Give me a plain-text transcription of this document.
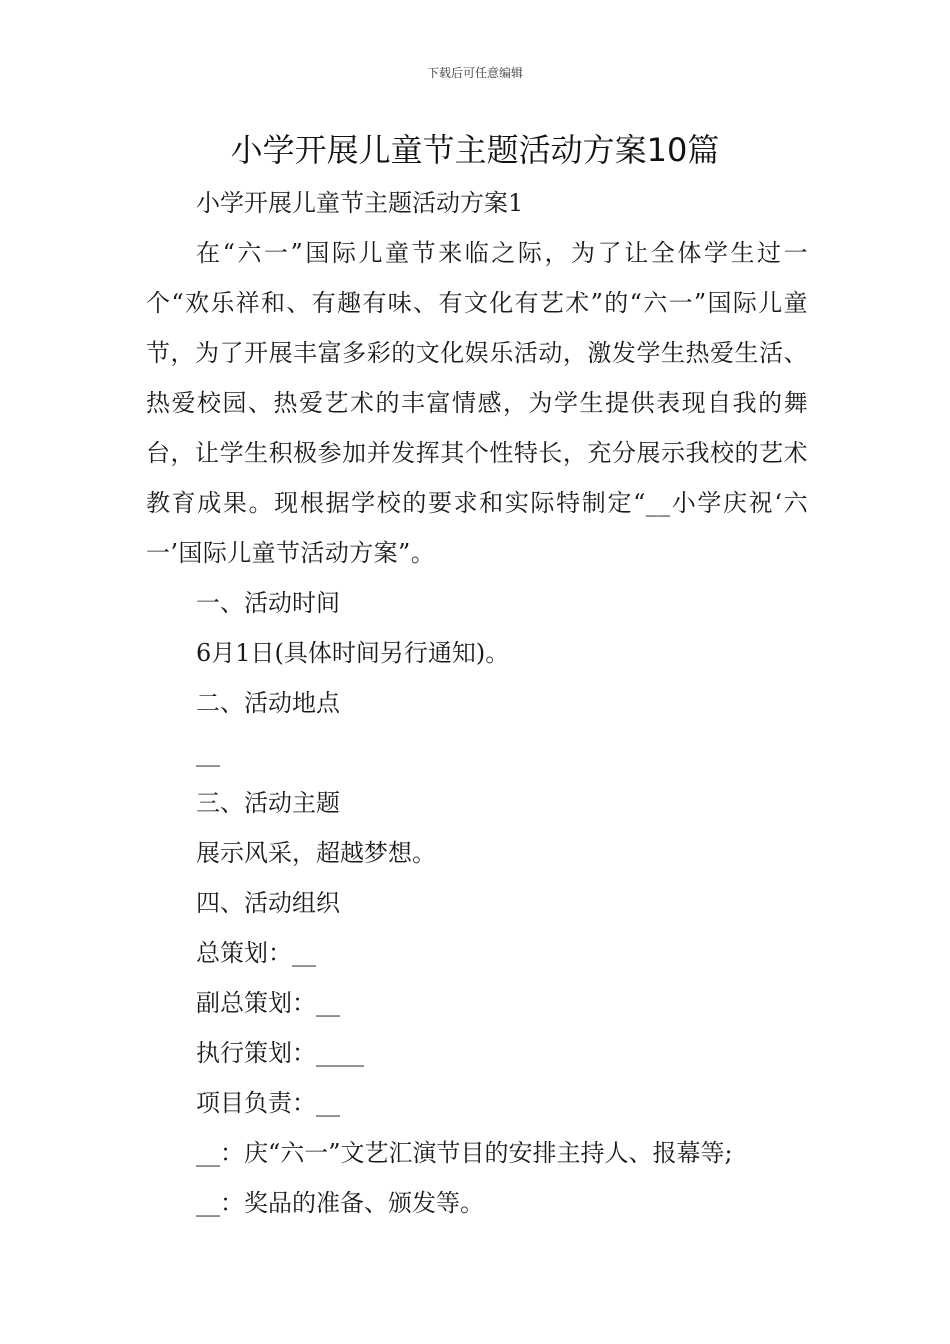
下载后可任意编辑
小学开展儿童节主题活动方案10篇
小学开展儿童节主题活动方案1

在“六一”国际儿童节来临之际，为了让全体学生过一个“欢乐祥和、有趣有味、有文化有艺术”的“六一”国际儿童节，为了开展丰富多彩的文化娱乐活动，激发学生热爱生活、热爱校园、热爱艺术的丰富情感，为学生提供表现自我的舞台，让学生积极参加并发挥其个性特长，充分展示我校的艺术教育成果。现根据学校的要求和实际特制定“__小学庆祝‘六一’国际儿童节活动方案”。

一、活动时间
6月1日(具体时间另行通知)。
二、活动地点
__
三、活动主题
展示风采，超越梦想。
四、活动组织
总策划：__
副总策划：__
执行策划：____
项目负责：__
__：庆“六一”文艺汇演节目的安排主持人、报幕等;
__：奖品的准备、颁发等。
